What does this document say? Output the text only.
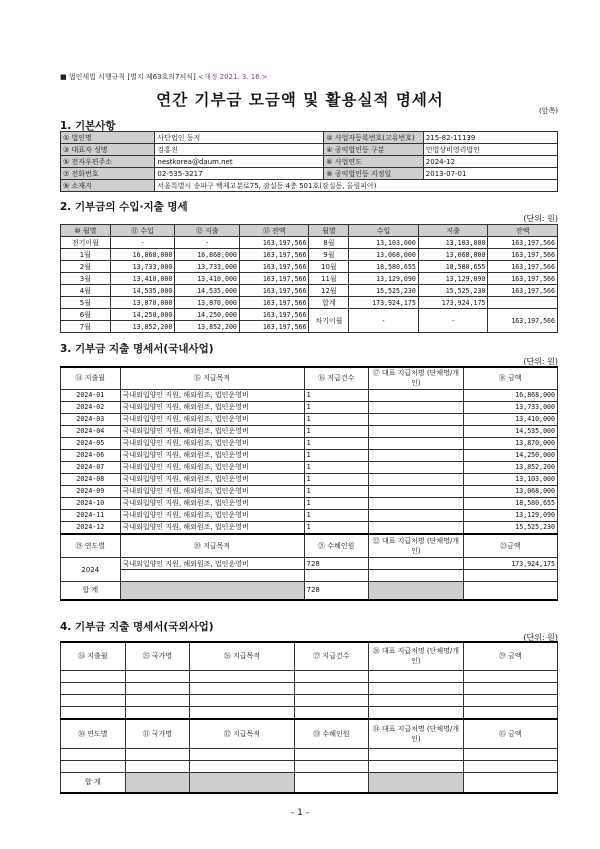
■ 법인세법 시행규칙 [별지 제63호의7서식] <개정 2021. 3. 16.>
연간 기부금 모금액 및 활용실적 명세서
(앞쪽)
1. 기본사항
① 법인명	사단법인 둥지	② 사업자등록번호(고유번호)	215-82-11139
③ 대표자 성명	김홍진	④ 공익법인등 구분	민법상비영리법인
⑤ 전자우편주소	nestkorea@daum.net	⑥ 사업연도	2024-12
⑦ 전화번호	02-535-3217	⑧ 공익법인등 지정일	2013-07-01
⑨ 소재지	서울특별시 송파구 백제고분로75, 잠실동 4층 501호(잠실동, 올림피아)		
2. 기부금의 수입·지출 명세
(단위: 원)
⑩ 월별	⑪ 수입	⑫ 지출	⑬ 잔액	월별	수입	지출	잔액
전기이월	-	-	163,197,566	8월	13,103,000	13,103,000	163,197,566
1월	16,868,000	16,868,000	163,197,566	9월	13,068,000	13,068,000	163,197,566
2월	13,733,000	13,733,000	163,197,566	10월	18,580,655	18,580,655	163,197,566
3월	13,410,000	13,410,000	163,197,566	11월	13,129,090	13,129,090	163,197,566
4월	14,535,000	14,535,000	163,197,566	12월	15,525,230	15,525,230	163,197,566
5월	13,870,000	13,870,000	163,197,566	합계	173,924,175	173,924,175	
6월	14,250,000	14,250,000	163,197,566	차기이월	-	-	163,197,566
7월	13,852,200	13,852,200	163,197,566				
3. 기부금 지출 명세서(국내사업)
(단위: 원)
⑭ 지출월	⑮ 지급목적	⑯ 지급건수	⑰ 대표 지급처명 (단체명/개인)	⑱ 금액
2024-01	국내외입양인 지원, 해외원조, 법인운영비	1		16,868,000
2024-02	국내외입양인 지원, 해외원조, 법인운영비	1		13,733,000
2024-03	국내외입양인 지원, 해외원조, 법인운영비	1		13,410,000
2024-04	국내외입양인 지원, 해외원조, 법인운영비	1		14,535,000
2024-05	국내외입양인 지원, 해외원조, 법인운영비	1		13,870,000
2024-06	국내외입양인 지원, 해외원조, 법인운영비	1		14,250,000
2024-07	국내외입양인 지원, 해외원조, 법인운영비	1		13,852,200
2024-08	국내외입양인 지원, 해외원조, 법인운영비	1		13,103,000
2024-09	국내외입양인 지원, 해외원조, 법인운영비	1		13,068,000
2024-10	국내외입양인 지원, 해외원조, 법인운영비	1		18,580,655
2024-11	국내외입양인 지원, 해외원조, 법인운영비	1		13,129,090
2024-12	국내외입양인 지원, 해외원조, 법인운영비	1		15,525,230
⑲ 연도별	⑳ 지급목적	㉑ 수혜인원	㉒ 대표 지급처명 (단체명/개인)	㉓금액
2024	국내외입양인 지원, 해외원조, 법인운영비	728		173,924,175

합 계		728		
4. 기부금 지출 명세서(국외사업)
(단위: 원)
㉔ 지출월	㉕ 국가명	㉖ 지급목적	㉗ 지급건수	㉘ 대표 지급처명 (단체명/개인)	㉙ 금액

㉚ 연도별	㉛ 국가명	㉜ 지급목적	㉝ 수혜인원	㉞ 대표 지급처명 (단체명/개인)	㉟ 금액

합 계					
- 1 -
